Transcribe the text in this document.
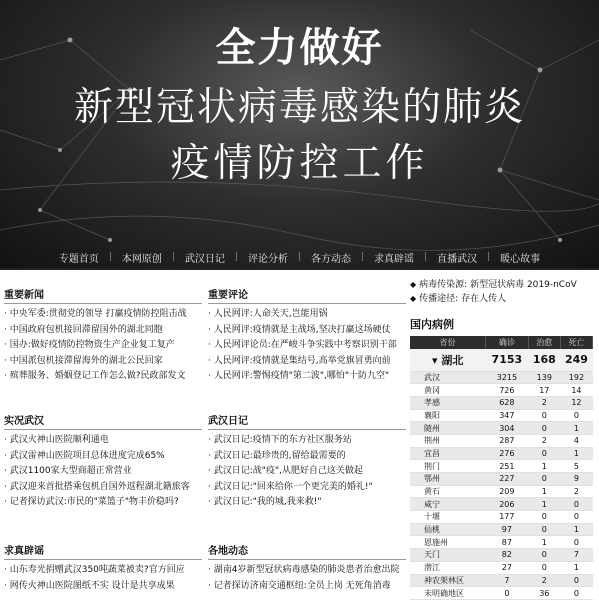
全力做好
新型冠状病毒感染的肺炎
疫情防控工作
专题首页	|	本网原创	|	武汉日记	|	评论分析	|	各方动态	|	求真辟谣	|	直播武汉	|	暖心故事
重要新闻
· 中央军委:贯彻党的领导 打赢疫情防控阻击战
· 中国政府包机接回滞留国外的湖北同胞
· 国办:做好疫情防控物资生产企业复工复产
· 中国派包机接滞留海外的湖北公民回家
· 殡葬服务、婚姻登记工作怎么做?民政部发文
实况武汉
· 武汉火神山医院顺利通电
· 武汉雷神山医院项目总体进度完成65%
· 武汉1100家大型商超正常营业
· 武汉迎来首批搭乘包机自国外返程湖北籍旅客
· 记者探访武汉:市民的"菜篮子"物丰价稳吗?
求真辟谣
· 山东寿光捐赠武汉350吨蔬菜被卖?官方回应
· 网传火神山医院图纸不实 设计是共享成果
重要评论
· 人民网评:人命关天,岂能用锅
· 人民网评:疫情就是主战场,坚决打赢这场硬仗
· 人民网评论员:在严峻斗争实践中考察识别干部
· 人民网评:疫情就是集结号,高举党旗冒勇向前
· 人民网评:警惕疫情"第二波",哪怕"十防九空"
武汉日记
· 武汉日记:疫情下的东方社区服务站
· 武汉日记:最珍贵的,留给最需要的
· 武汉日记:战"疫",从肥好自己这关做起
· 武汉日记:"回来给你一个更完美的婚礼!"
· 武汉日记:"我的城,我来救!"
各地动态
· 湖南4岁新型冠状病毒感染的肺炎患者治愈出院
· 记者探访济南交通枢纽:全员上岗 无死角消毒
◆ 病毒传染源: 新型冠状病毒 2019-nCoV
◆ 传播途径: 存在人传人
国内病例
省份	确诊	治愈	死亡
▾ 湖北	7153	168	249
武汉	3215	139	192
黄冈	726	17	14
孝感	628	2	12
襄阳	347	0	0
随州	304	0	1
荆州	287	2	4
宜昌	276	0	1
荆门	251	1	5
鄂州	227	0	9
黄石	209	1	2
咸宁	206	1	0
十堰	177	0	0
仙桃	97	0	1
恩施州	87	1	0
天门	82	0	7
潜江	27	0	1
神农架林区	7	2	0
未明确地区	0	36	0
